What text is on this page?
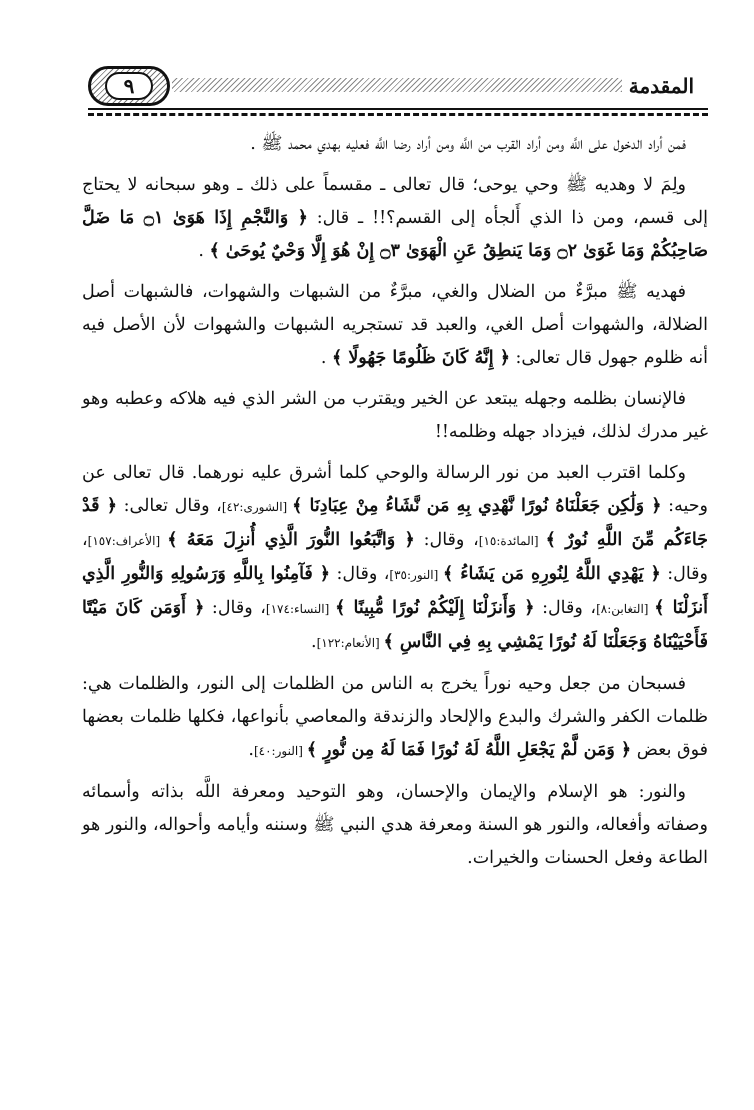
٩	المقدمة

فمن أراد الدخول على اللَّه ومن أراد القرب من اللَّه ومن أراد رضا اللَّه فعليه بهدي محمد ﷺ .

ولِمَ لا وهديه ﷺ وحي يوحى؛ قال تعالى ـ مقسماً على ذلك ـ وهو سبحانه لا يحتاج إلى قسم، ومن ذا الذي أَلجأه إلى القسم؟!! ـ قال: ﴿ وَالنَّجْمِ إِذَا هَوَىٰ ۝١ مَا ضَلَّ صَاحِبُكُمْ وَمَا غَوَىٰ ۝٢ وَمَا يَنطِقُ عَنِ الْهَوَىٰ ۝٣ إِنْ هُوَ إِلَّا وَحْيٌ يُوحَىٰ ﴾ .

فهديه ﷺ مبرَّءٌ من الضلال والغي، مبرَّءٌ من الشبهات والشهوات، فالشبهات أصل الضلالة، والشهوات أصل الغي، والعبد قد تستجريه الشبهات والشهوات لأن الأصل فيه أنه ظلوم جهول قال تعالى: ﴿ إِنَّهُ كَانَ ظَلُومًا جَهُولًا ﴾ .

فالإنسان بظلمه وجهله يبتعد عن الخير ويقترب من الشر الذي فيه هلاكه وعطبه وهو غير مدرك لذلك، فيزداد جهله وظلمه!!

وكلما اقترب العبد من نور الرسالة والوحي كلما أشرق عليه نورهما. قال تعالى عن وحيه: ﴿ وَلَٰكِن جَعَلْنَاهُ نُورًا نَّهْدِي بِهِ مَن نَّشَاءُ مِنْ عِبَادِنَا ﴾ [الشورى:٤٢]، وقال تعالى: ﴿ قَدْ جَاءَكُم مِّنَ اللَّهِ نُورٌ ﴾ [المائدة:١٥]، وقال: ﴿ وَاتَّبَعُوا النُّورَ الَّذِي أُنزِلَ مَعَهُ ﴾ [الأعراف:١٥٧]، وقال: ﴿ يَهْدِي اللَّهُ لِنُورِهِ مَن يَشَاءُ ﴾ [النور:٣٥]، وقال: ﴿ فَآمِنُوا بِاللَّهِ وَرَسُولِهِ وَالنُّورِ الَّذِي أَنزَلْنَا ﴾ [التغابن:٨]، وقال: ﴿ وَأَنزَلْنَا إِلَيْكُمْ نُورًا مُّبِينًا ﴾ [النساء:١٧٤]، وقال: ﴿ أَوَمَن كَانَ مَيْتًا فَأَحْيَيْنَاهُ وَجَعَلْنَا لَهُ نُورًا يَمْشِي بِهِ فِي النَّاسِ ﴾ [الأنعام:١٢٢].

فسبحان من جعل وحيه نوراً يخرج به الناس من الظلمات إلى النور، والظلمات هي: ظلمات الكفر والشرك والبدع والإلحاد والزندقة والمعاصي بأنواعها، فكلها ظلمات بعضها فوق بعض ﴿ وَمَن لَّمْ يَجْعَلِ اللَّهُ لَهُ نُورًا فَمَا لَهُ مِن نُّورٍ ﴾ [النور:٤٠].

والنور: هو الإسلام والإيمان والإحسان، وهو التوحيد ومعرفة اللَّه بذاته وأسمائه وصفاته وأفعاله، والنور هو السنة ومعرفة هدي النبي ﷺ وسننه وأيامه وأحواله، والنور هو الطاعة وفعل الحسنات والخيرات.
